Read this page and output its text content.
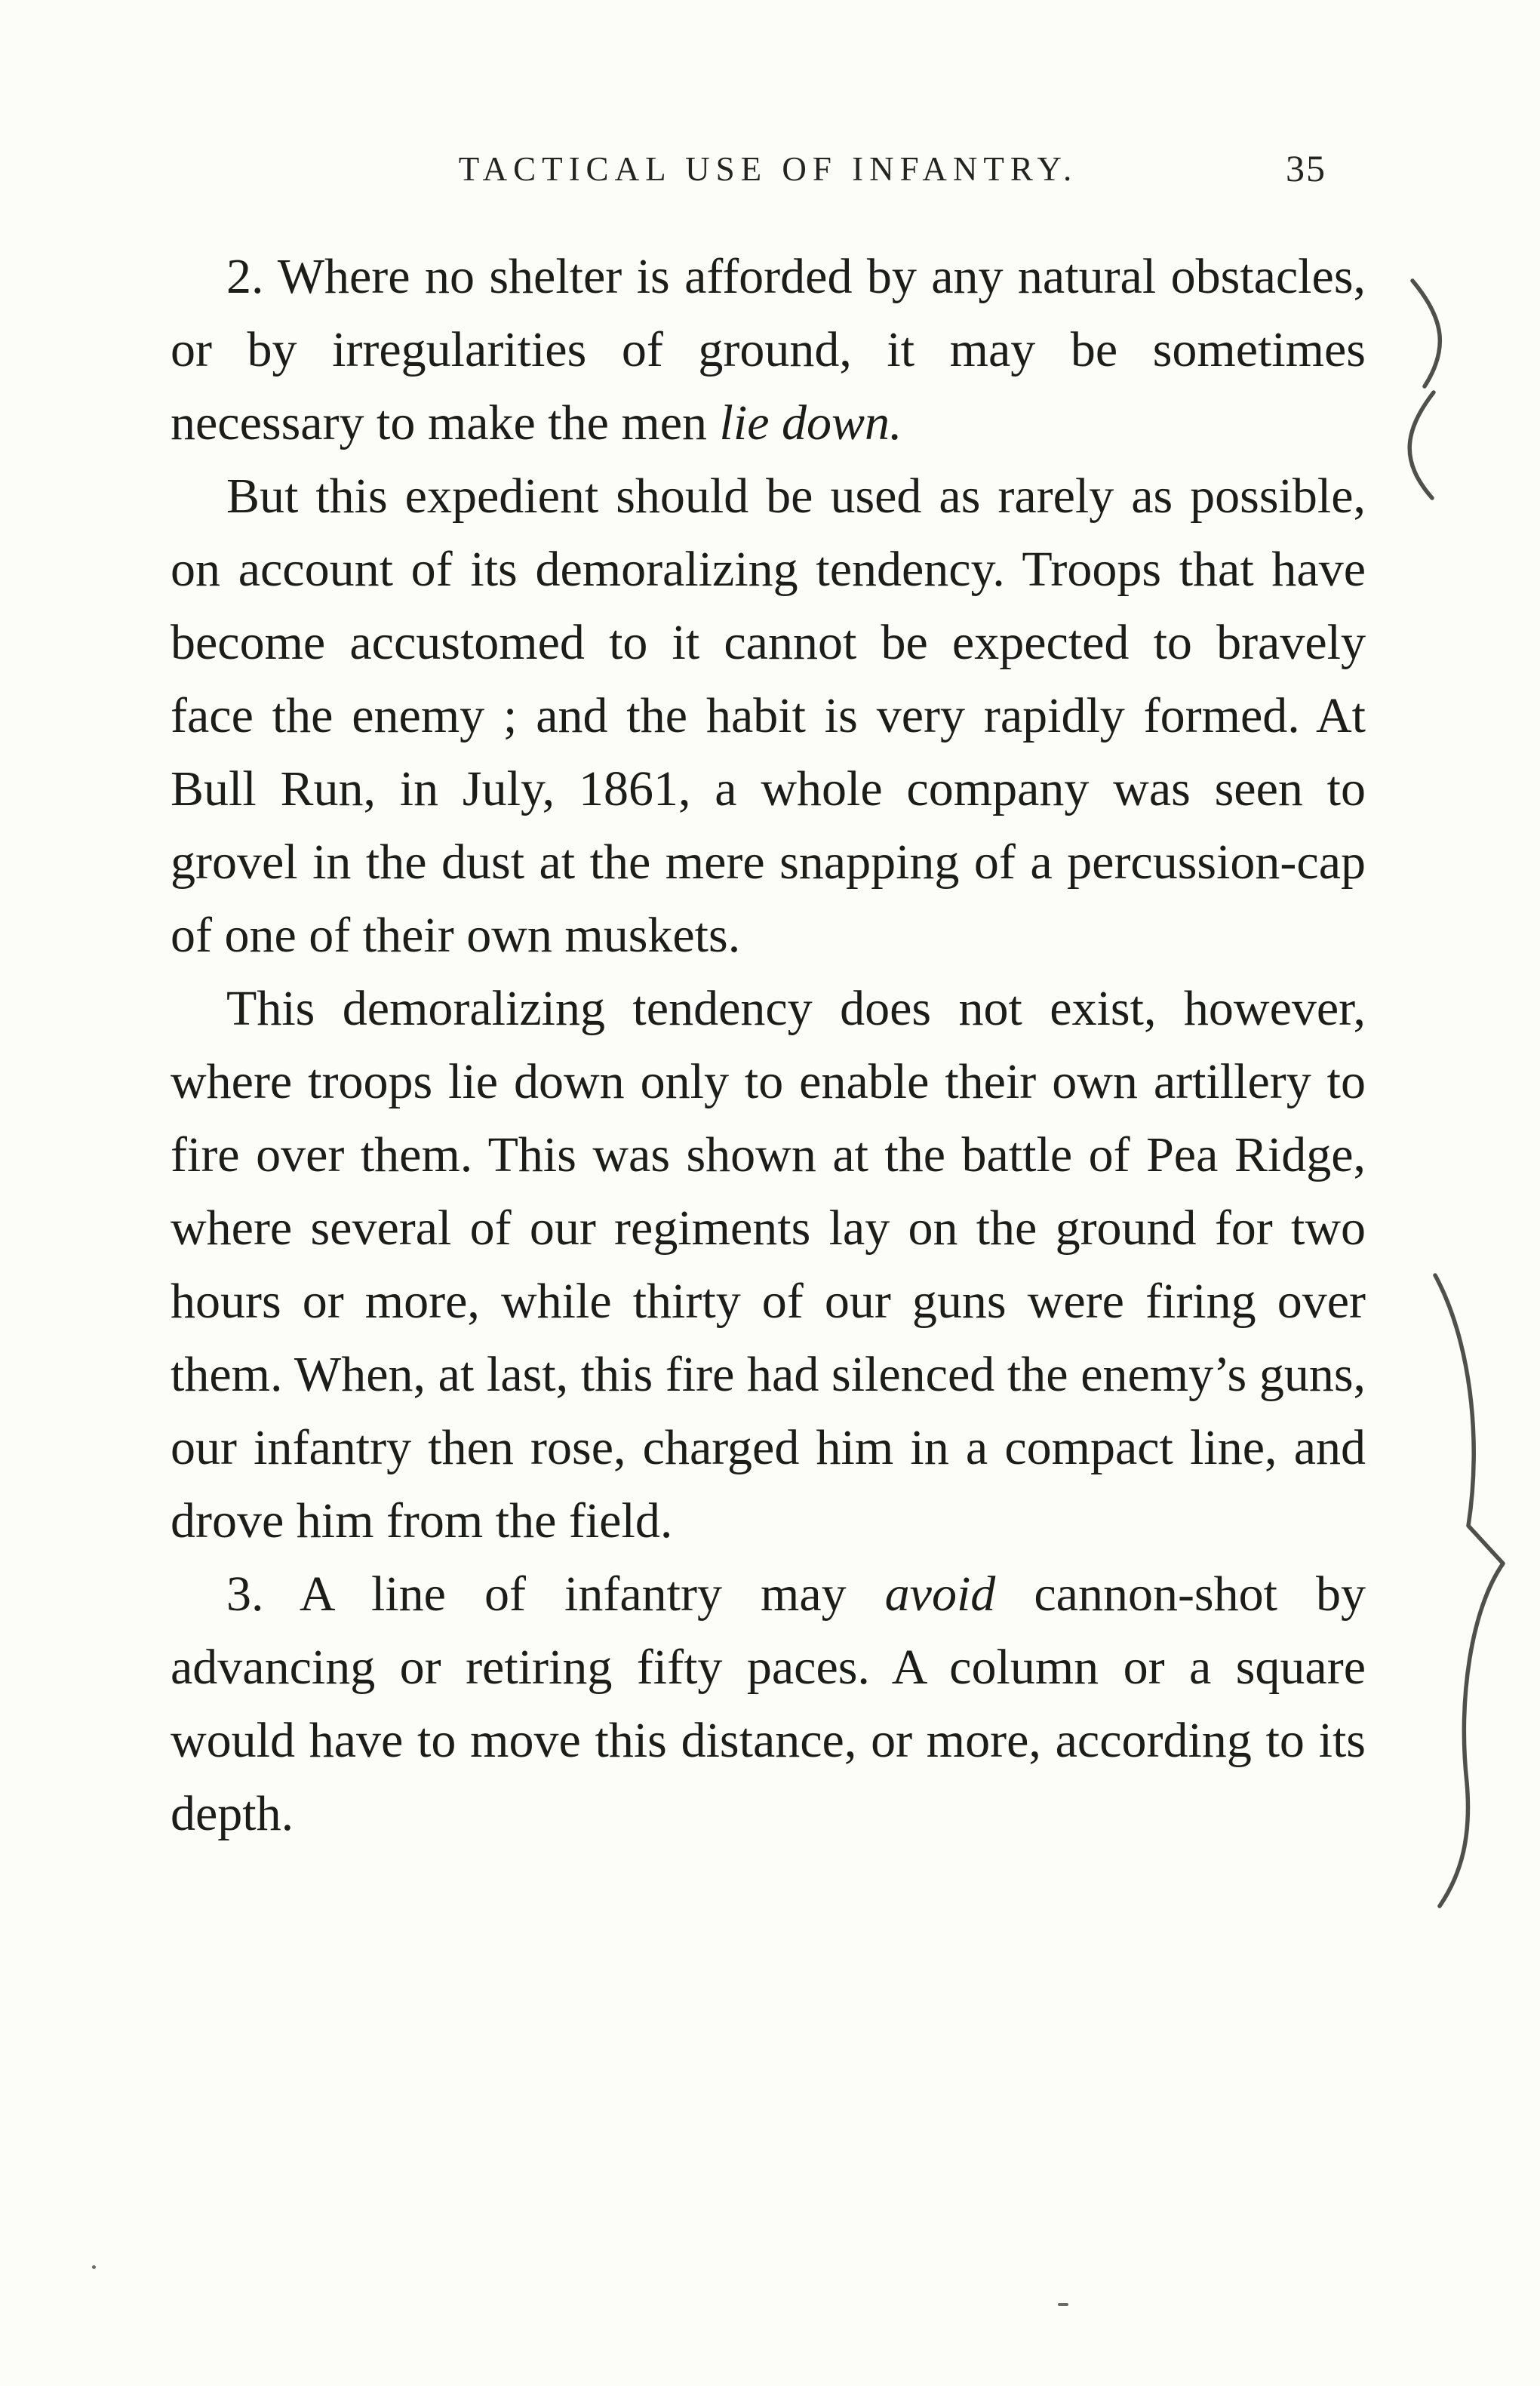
TACTICAL USE OF INFANTRY.	35

2. Where no shelter is afforded by any natural obstacles, or by irregularities of ground, it may be sometimes necessary to make the men lie down.

But this expedient should be used as rarely as possible, on account of its demoralizing tendency. Troops that have become accustomed to it cannot be expected to bravely face the enemy ; and the habit is very rapidly formed. At Bull Run, in July, 1861, a whole company was seen to grovel in the dust at the mere snapping of a percussion-cap of one of their own muskets.

This demoralizing tendency does not exist, however, where troops lie down only to enable their own artillery to fire over them. This was shown at the battle of Pea Ridge, where several of our regiments lay on the ground for two hours or more, while thirty of our guns were firing over them. When, at last, this fire had silenced the enemy’s guns, our infantry then rose, charged him in a compact line, and drove him from the field.

3. A line of infantry may avoid cannon-shot by advancing or retiring fifty paces. A column or a square would have to move this distance, or more, according to its depth.
